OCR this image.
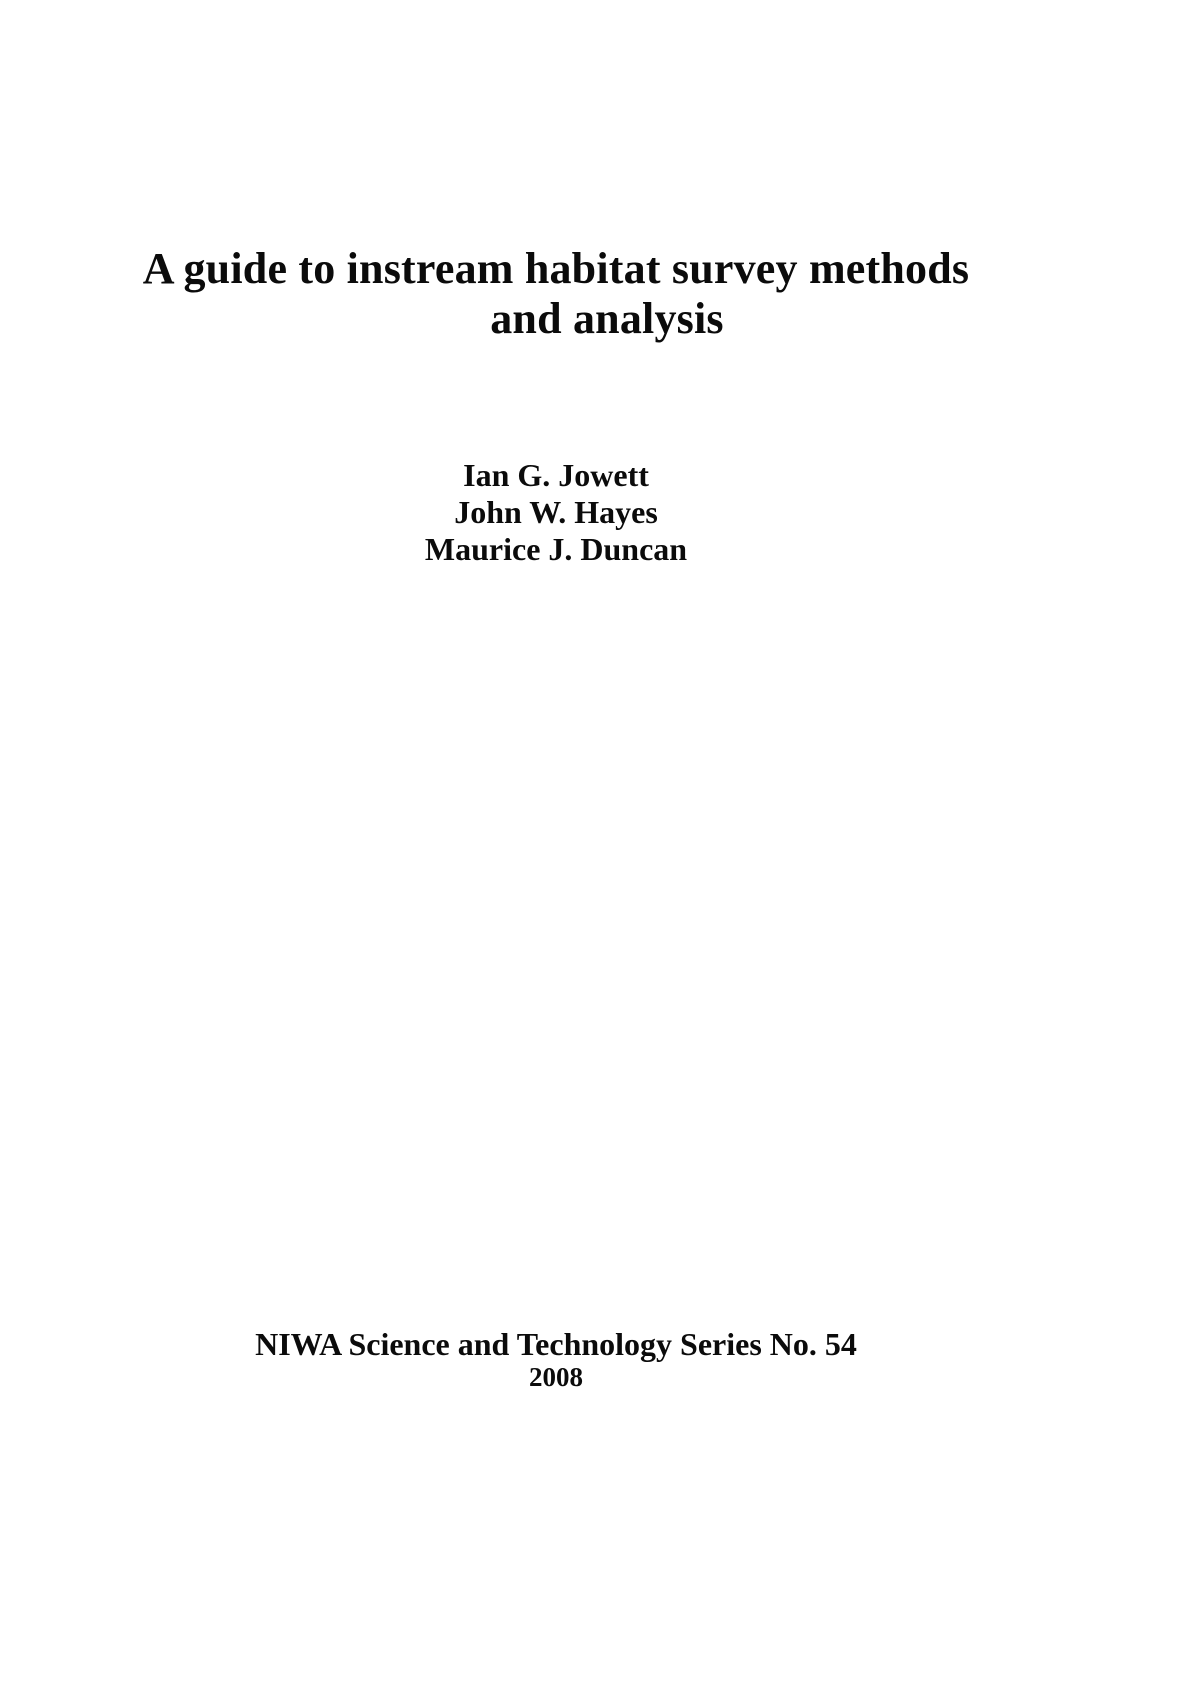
A guide to instream habitat survey methods
and analysis
Ian G. Jowett
John W. Hayes
Maurice J. Duncan
NIWA Science and Technology Series No. 54
2008
